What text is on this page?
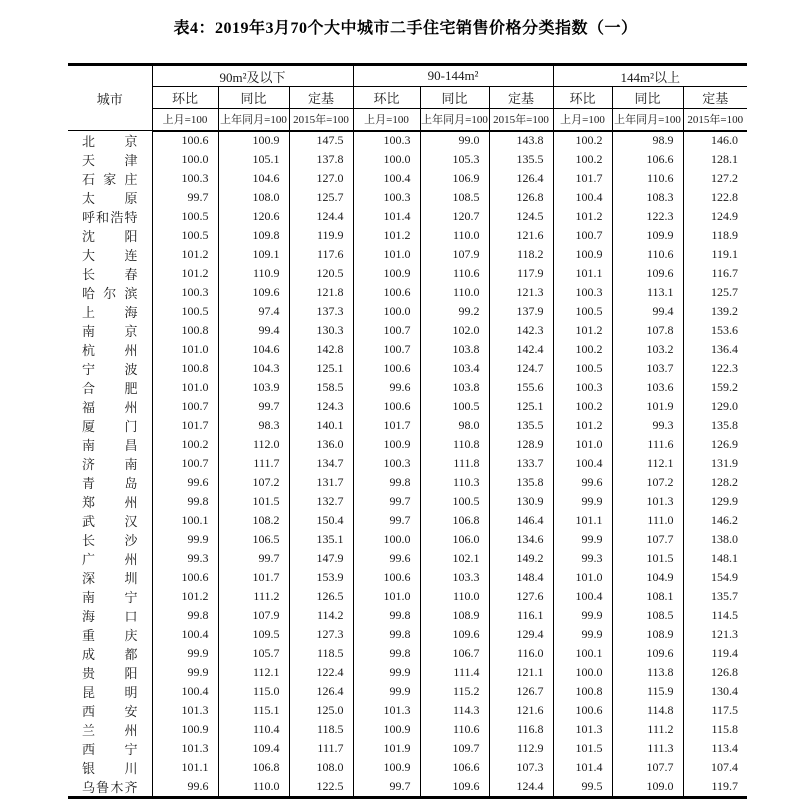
表4：2019年3月70个大中城市二手住宅销售价格分类指数（一）
城市	90m²及以下			90-144m²			144m²以上		
	环比	同比	定基	环比	同比	定基	环比	同比	定基
	上月=100	上年同月=100	2015年=100	上月=100	上年同月=100	2015年=100	上月=100	上年同月=100	2015年=100
北京	100.6	100.9	147.5	100.3	99.0	143.8	100.2	98.9	146.0
天津	100.0	105.1	137.8	100.0	105.3	135.5	100.2	106.6	128.1
石家庄	100.3	104.6	127.0	100.4	106.9	126.4	101.7	110.6	127.2
太原	99.7	108.0	125.7	100.3	108.5	126.8	100.4	108.3	122.8
呼和浩特	100.5	120.6	124.4	101.4	120.7	124.5	101.2	122.3	124.9
沈阳	100.5	109.8	119.9	101.2	110.0	121.6	100.7	109.9	118.9
大连	101.2	109.1	117.6	101.0	107.9	118.2	100.9	110.6	119.1
长春	101.2	110.9	120.5	100.9	110.6	117.9	101.1	109.6	116.7
哈尔滨	100.3	109.6	121.8	100.6	110.0	121.3	100.3	113.1	125.7
上海	100.5	97.4	137.3	100.0	99.2	137.9	100.5	99.4	139.2
南京	100.8	99.4	130.3	100.7	102.0	142.3	101.2	107.8	153.6
杭州	101.0	104.6	142.8	100.7	103.8	142.4	100.2	103.2	136.4
宁波	100.8	104.3	125.1	100.6	103.4	124.7	100.5	103.7	122.3
合肥	101.0	103.9	158.5	99.6	103.8	155.6	100.3	103.6	159.2
福州	100.7	99.7	124.3	100.6	100.5	125.1	100.2	101.9	129.0
厦门	101.7	98.3	140.1	101.7	98.0	135.5	101.2	99.3	135.8
南昌	100.2	112.0	136.0	100.9	110.8	128.9	101.0	111.6	126.9
济南	100.7	111.7	134.7	100.3	111.8	133.7	100.4	112.1	131.9
青岛	99.6	107.2	131.7	99.8	110.3	135.8	99.6	107.2	128.2
郑州	99.8	101.5	132.7	99.7	100.5	130.9	99.9	101.3	129.9
武汉	100.1	108.2	150.4	99.7	106.8	146.4	101.1	111.0	146.2
长沙	99.9	106.5	135.1	100.0	106.0	134.6	99.9	107.7	138.0
广州	99.3	99.7	147.9	99.6	102.1	149.2	99.3	101.5	148.1
深圳	100.6	101.7	153.9	100.6	103.3	148.4	101.0	104.9	154.9
南宁	101.2	111.2	126.5	101.0	110.0	127.6	100.4	108.1	135.7
海口	99.8	107.9	114.2	99.8	108.9	116.1	99.9	108.5	114.5
重庆	100.4	109.5	127.3	99.8	109.6	129.4	99.9	108.9	121.3
成都	99.9	105.7	118.5	99.8	106.7	116.0	100.1	109.6	119.4
贵阳	99.9	112.1	122.4	99.9	111.4	121.1	100.0	113.8	126.8
昆明	100.4	115.0	126.4	99.9	115.2	126.7	100.8	115.9	130.4
西安	101.3	115.1	125.0	101.3	114.3	121.6	100.6	114.8	117.5
兰州	100.9	110.4	118.5	100.9	110.6	116.8	101.3	111.2	115.8
西宁	101.3	109.4	111.7	101.9	109.7	112.9	101.5	111.3	113.4
银川	101.1	106.8	108.0	100.9	106.6	107.3	101.4	107.7	107.4
乌鲁木齐	99.6	110.0	122.5	99.7	109.6	124.4	99.5	109.0	119.7
